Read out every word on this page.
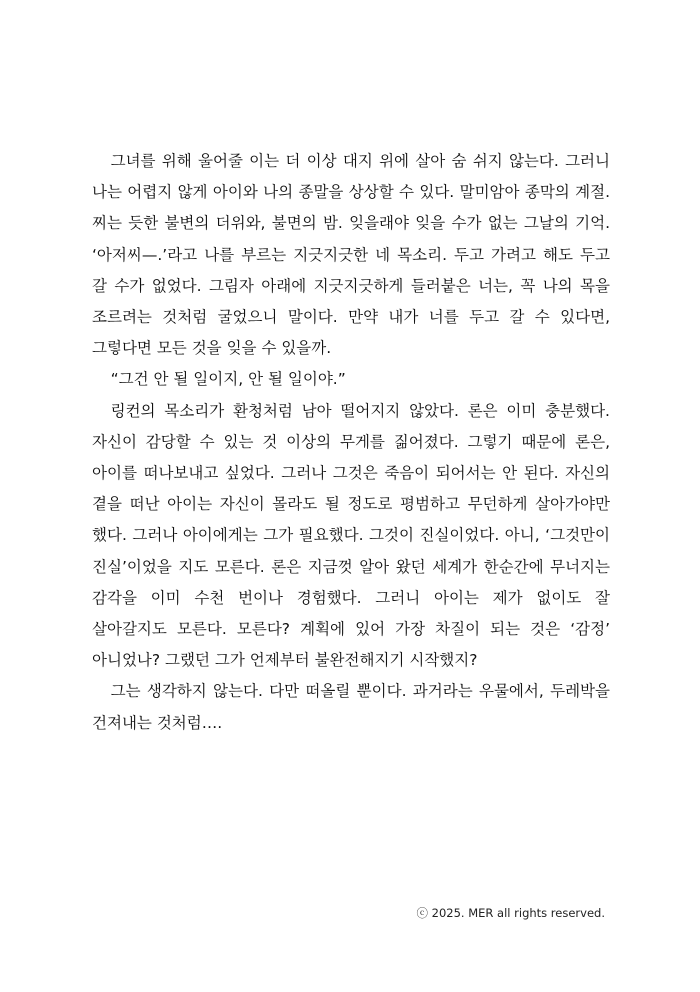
그녀를 위해 울어줄 이는 더 이상 대지 위에 살아 숨 쉬지 않는다. 그러니 나는 어렵지 않게 아이와 나의 종말을 상상할 수 있다. 말미암아 종막의 계절. 찌는 듯한 불변의 더위와, 불면의 밤. 잊을래야 잊을 수가 없는 그날의 기억. ‘아저씨—.’라고 나를 부르는 지긋지긋한 네 목소리. 두고 가려고 해도 두고 갈 수가 없었다. 그림자 아래에 지긋지긋하게 들러붙은 너는, 꼭 나의 목을 조르려는 것처럼 굴었으니 말이다. 만약 내가 너를 두고 갈 수 있다면, 그렇다면 모든 것을 잊을 수 있을까.

“그건 안 될 일이지, 안 될 일이야.”

링컨의 목소리가 환청처럼 남아 떨어지지 않았다. 론은 이미 충분했다. 자신이 감당할 수 있는 것 이상의 무게를 짊어졌다. 그렇기 때문에 론은, 아이를 떠나보내고 싶었다. 그러나 그것은 죽음이 되어서는 안 된다. 자신의 곁을 떠난 아이는 자신이 몰라도 될 정도로 평범하고 무던하게 살아가야만 했다. 그러나 아이에게는 그가 필요했다. 그것이 진실이었다. 아니, ‘그것만이 진실’이었을 지도 모른다. 론은 지금껏 알아 왔던 세계가 한순간에 무너지는 감각을 이미 수천 번이나 경험했다. 그러니 아이는 제가 없이도 잘 살아갈지도 모른다. 모른다? 계획에 있어 가장 차질이 되는 것은 ‘감정’ 아니었나? 그랬던 그가 언제부터 불완전해지기 시작했지?

그는 생각하지 않는다. 다만 떠올릴 뿐이다. 과거라는 우물에서, 두레박을 건져내는 것처럼….

ⓒ 2025. MER all rights reserved.
